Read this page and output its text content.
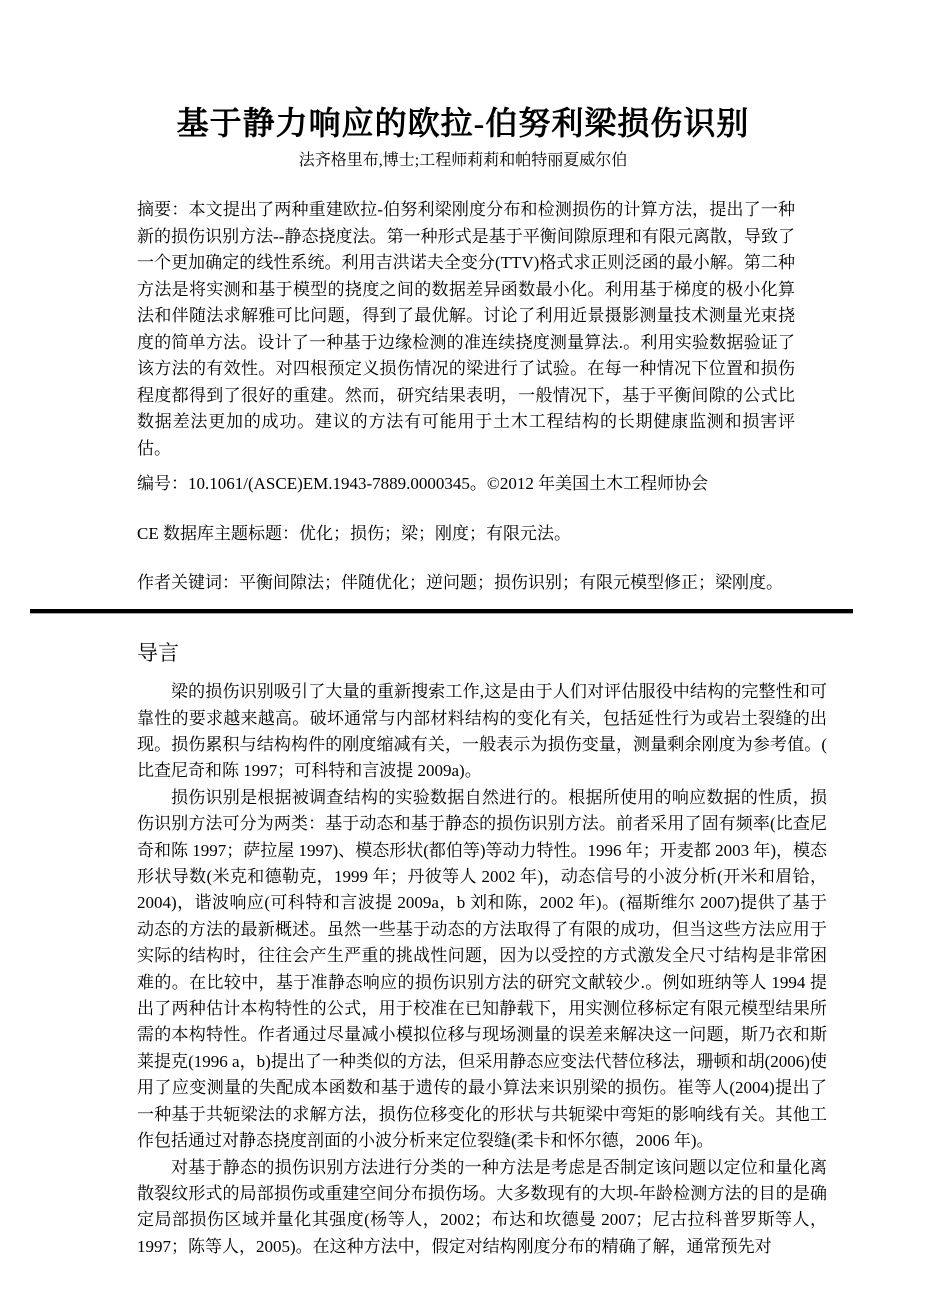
基于静力响应的欧拉-伯努利梁损伤识别
法齐格里布,博士;工程师莉莉和帕特丽夏威尔伯
摘要：本文提出了两种重建欧拉-伯努利梁刚度分布和检测损伤的计算方法，提出了一种新的损伤识别方法--静态挠度法。第一种形式是基于平衡间隙原理和有限元离散，导致了一个更加确定的线性系统。利用吉洪诺夫全变分(TTV)格式求正则泛函的最小解。第二种方法是将实测和基于模型的挠度之间的数据差异函数最小化。利用基于梯度的极小化算法和伴随法求解雅可比问题，得到了最优解。讨论了利用近景摄影测量技术测量光束挠度的简单方法。设计了一种基于边缘检测的准连续挠度测量算法.。利用实验数据验证了该方法的有效性。对四根预定义损伤情况的梁进行了试验。在每一种情况下位置和损伤程度都得到了很好的重建。然而，研究结果表明，一般情况下，基于平衡间隙的公式比数据差法更加的成功。建议的方法有可能用于土木工程结构的长期健康监测和损害评估。
编号：10.1061/(ASCE)EM.1943-7889.0000345。©2012 年美国土木工程师协会
CE 数据库主题标题：优化；损伤；梁；刚度；有限元法。
作者关键词：平衡间隙法；伴随优化；逆问题；损伤识别；有限元模型修正；梁刚度。
导言

梁的损伤识别吸引了大量的重新搜索工作,这是由于人们对评估服役中结构的完整性和可靠性的要求越来越高。破坏通常与内部材料结构的变化有关，包括延性行为或岩土裂缝的出现。损伤累积与结构构件的刚度缩减有关，一般表示为损伤变量，测量剩余刚度为参考值。( 比查尼奇和陈 1997；可科特和言波提 2009a)。

损伤识别是根据被调查结构的实验数据自然进行的。根据所使用的响应数据的性质，损伤识别方法可分为两类：基于动态和基于静态的损伤识别方法。前者采用了固有频率(比查尼奇和陈 1997；萨拉屋 1997)、模态形状(都伯等)等动力特性。1996 年；开麦都 2003 年)，模态形状导数(米克和德勒克，1999 年；丹彼等人 2002 年)，动态信号的小波分析(开米和眉铪，2004)，谐波响应(可科特和言波提 2009a，b 刘和陈，2002 年)。(福斯维尔 2007)提供了基于动态的方法的最新概述。虽然一些基于动态的方法取得了有限的成功，但当这些方法应用于实际的结构时，往往会产生严重的挑战性问题，因为以受控的方式激发全尺寸结构是非常困难的。在比较中，基于准静态响应的损伤识别方法的研究文献较少.。例如班纳等人 1994 提出了两种估计本构特性的公式，用于校准在已知静载下，用实测位移标定有限元模型结果所需的本构特性。作者通过尽量减小模拟位移与现场测量的误差来解决这一问题，斯乃衣和斯莱提克(1996 a，b)提出了一种类似的方法，但采用静态应变法代替位移法，珊顿和胡(2006)使用了应变测量的失配成本函数和基于遗传的最小算法来识别梁的损伤。崔等人(2004)提出了一种基于共轭梁法的求解方法，损伤位移变化的形状与共轭梁中弯矩的影响线有关。其他工作包括通过对静态挠度剖面的小波分析来定位裂缝(柔卡和怀尔德，2006 年)。

对基于静态的损伤识别方法进行分类的一种方法是考虑是否制定该问题以定位和量化离散裂纹形式的局部损伤或重建空间分布损伤场。大多数现有的大坝-年龄检测方法的目的是确定局部损伤区域并量化其强度(杨等人，2002；布达和坎德曼 2007；尼古拉科普罗斯等人，1997；陈等人，2005)。在这种方法中，假定对结构刚度分布的精确了解，通常预先对
